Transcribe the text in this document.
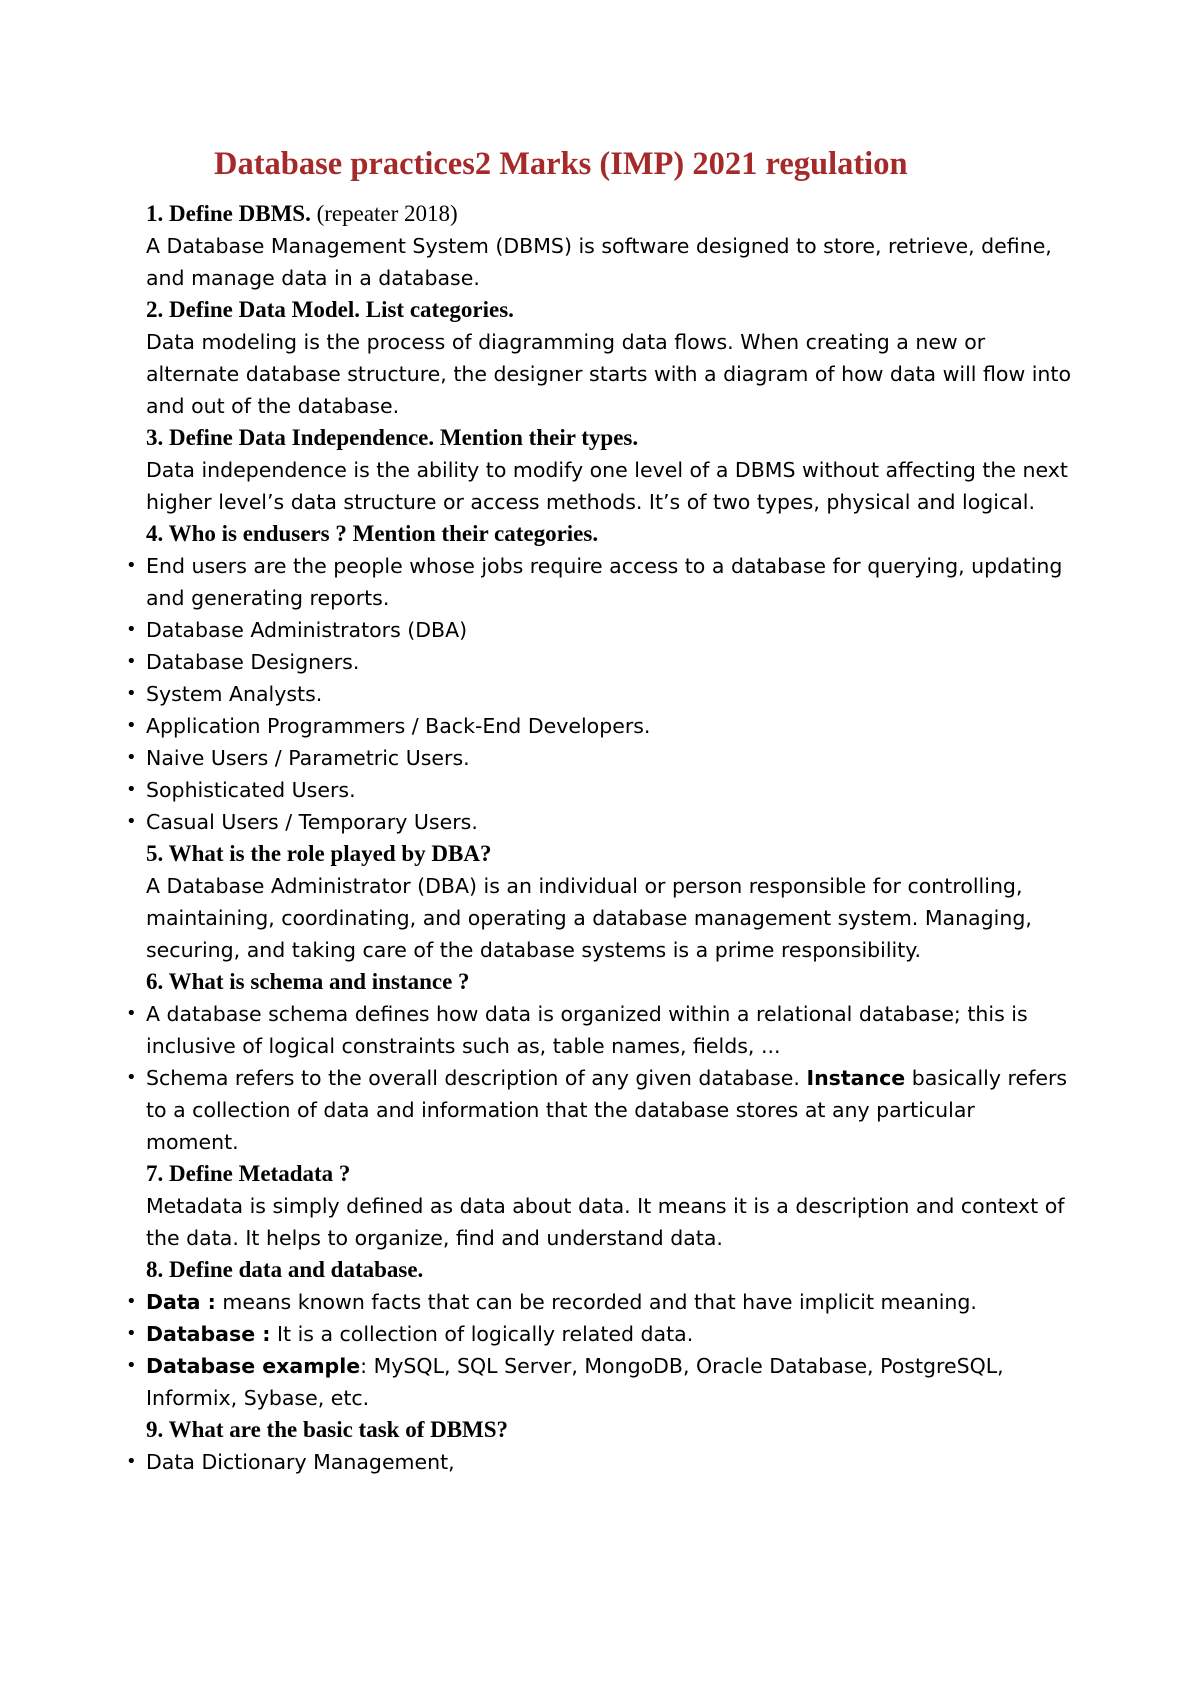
Database practices2 Marks (IMP) 2021 regulation
1. Define DBMS. (repeater 2018)
A Database Management System (DBMS) is software designed to store, retrieve, define, and manage data in a database.
2. Define Data Model. List categories.
Data modeling is the process of diagramming data flows. When creating a new or alternate database structure, the designer starts with a diagram of how data will flow into and out of the database.
3. Define Data Independence. Mention their types.
Data independence is the ability to modify one level of a DBMS without affecting the next higher level’s data structure or access methods. It’s of two types, physical and logical.
4. Who is endusers ? Mention their categories.
• End users are the people whose jobs require access to a database for querying, updating and generating reports.
• Database Administrators (DBA)
• Database Designers.
• System Analysts.
• Application Programmers / Back-End Developers.
• Naive Users / Parametric Users.
• Sophisticated Users.
• Casual Users / Temporary Users.
5. What is the role played by DBA?
A Database Administrator (DBA) is an individual or person responsible for controlling, maintaining, coordinating, and operating a database management system. Managing, securing, and taking care of the database systems is a prime responsibility.
6. What is schema and instance ?
• A database schema defines how data is organized within a relational database; this is inclusive of logical constraints such as, table names, fields, ...
• Schema refers to the overall description of any given database. Instance basically refers to a collection of data and information that the database stores at any particular moment.
7. Define Metadata ?
Metadata is simply defined as data about data. It means it is a description and context of the data. It helps to organize, find and understand data.
8. Define data and database.
• Data : means known facts that can be recorded and that have implicit meaning.
• Database : It is a collection of logically related data.
• Database example: MySQL, SQL Server, MongoDB, Oracle Database, PostgreSQL, Informix, Sybase, etc.
9. What are the basic task of DBMS?
• Data Dictionary Management,
